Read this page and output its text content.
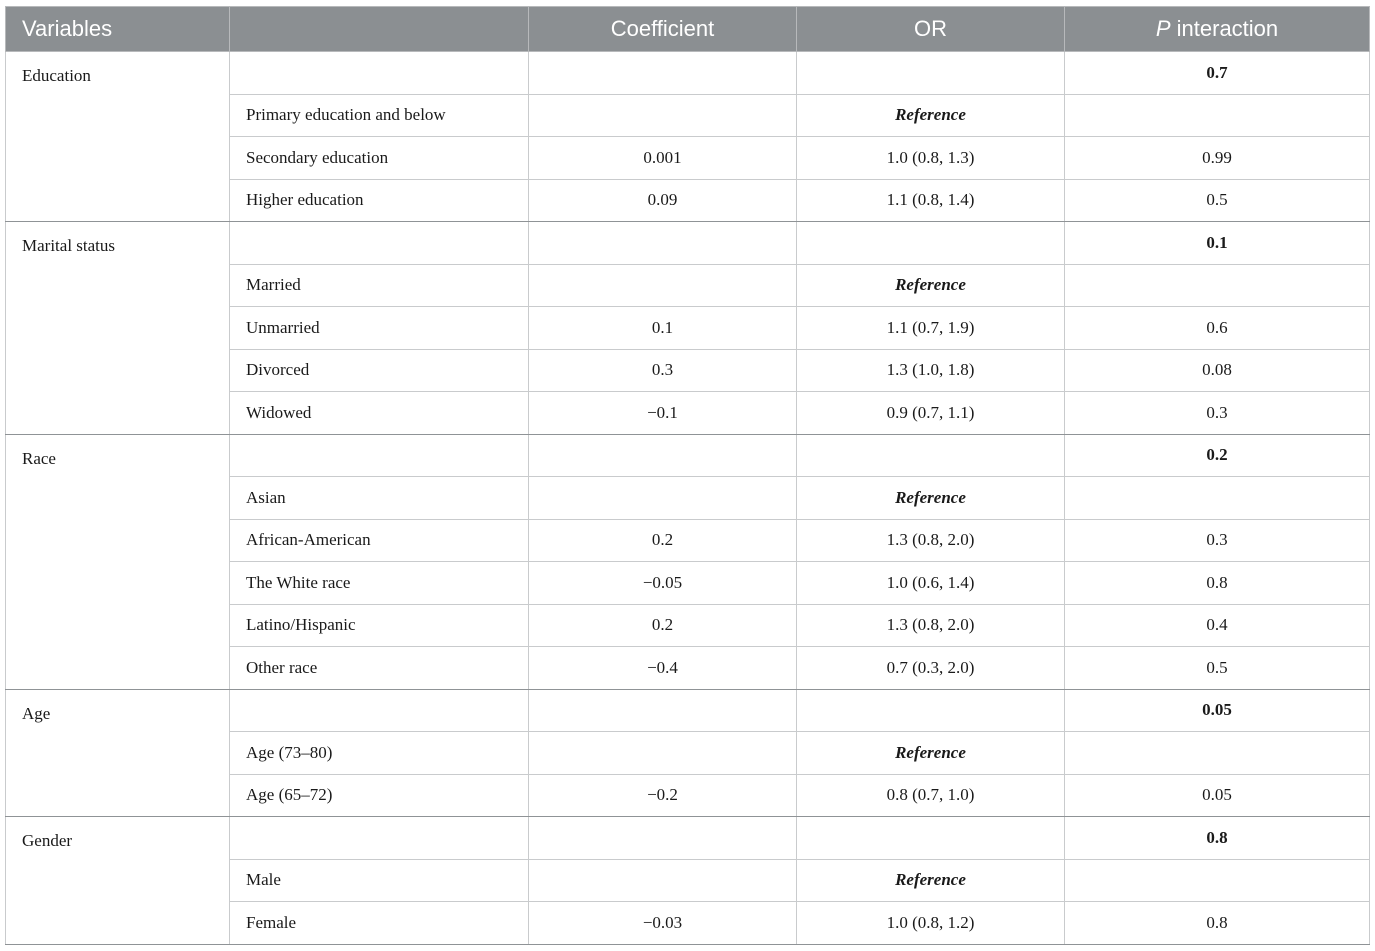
Variables		Coefficient	OR	P interaction
Education				0.7
	Primary education and below		Reference	
	Secondary education	0.001	1.0 (0.8, 1.3)	0.99
	Higher education	0.09	1.1 (0.8, 1.4)	0.5
Marital status				0.1
	Married		Reference	
	Unmarried	0.1	1.1 (0.7, 1.9)	0.6
	Divorced	0.3	1.3 (1.0, 1.8)	0.08
	Widowed	−0.1	0.9 (0.7, 1.1)	0.3
Race				0.2
	Asian		Reference	
	African-American	0.2	1.3 (0.8, 2.0)	0.3
	The White race	−0.05	1.0 (0.6, 1.4)	0.8
	Latino/Hispanic	0.2	1.3 (0.8, 2.0)	0.4
	Other race	−0.4	0.7 (0.3, 2.0)	0.5
Age				0.05
	Age (73–80)		Reference	
	Age (65–72)	−0.2	0.8 (0.7, 1.0)	0.05
Gender				0.8
	Male		Reference	
	Female	−0.03	1.0 (0.8, 1.2)	0.8
